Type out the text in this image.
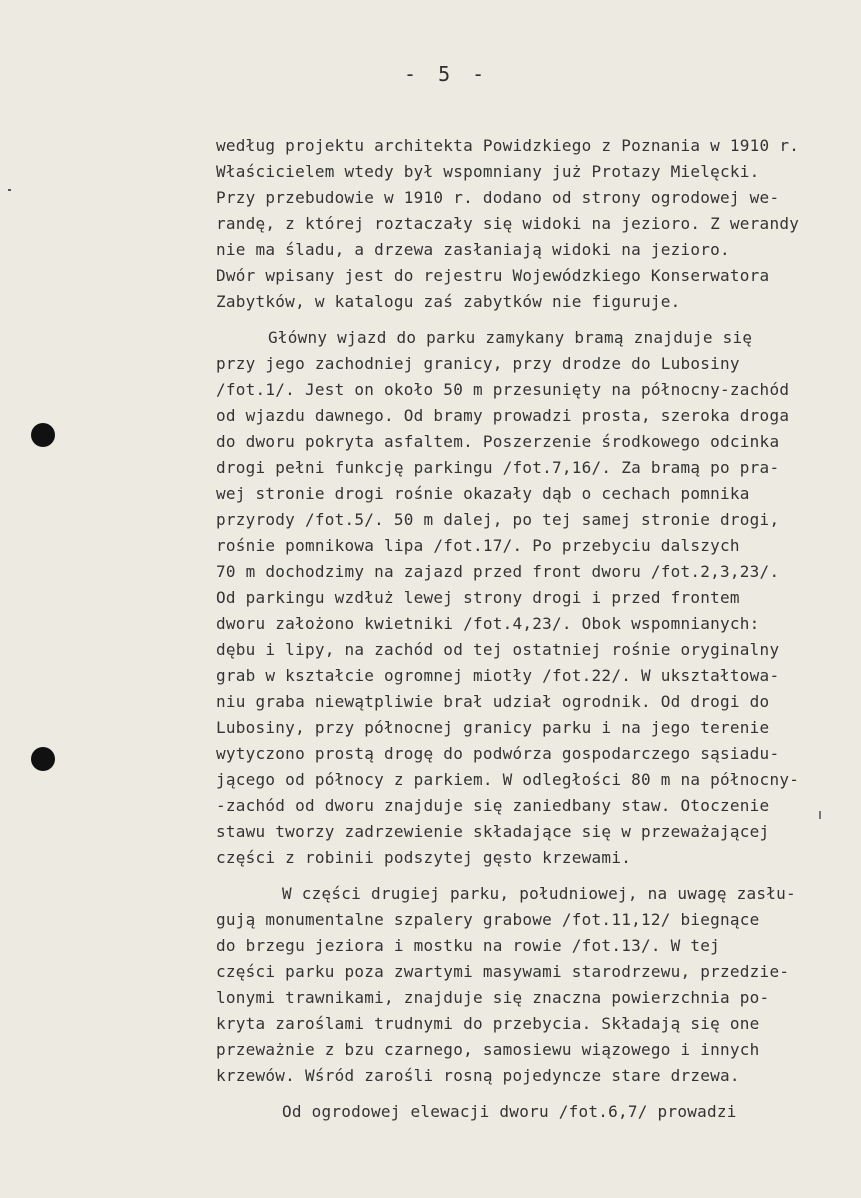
- 5 -
według projektu architekta Powidzkiego z Poznania w 1910 r.
Właścicielem wtedy był wspomniany już Protazy Mielęcki.
Przy przebudowie w 1910 r. dodano od strony ogrodowej we-
randę, z której roztaczały się widoki na jezioro. Z werandy
nie ma śladu, a drzewa zasłaniają widoki na jezioro.
Dwór wpisany jest do rejestru Wojewódzkiego Konserwatora
Zabytków, w katalogu zaś zabytków nie figuruje.
Główny wjazd do parku zamykany bramą znajduje się
przy jego zachodniej granicy, przy drodze do Lubosiny
/fot.1/. Jest on około 50 m przesunięty na północny-zachód
od wjazdu dawnego. Od bramy prowadzi prosta, szeroka droga
do dworu pokryta asfaltem. Poszerzenie środkowego odcinka
drogi pełni funkcję parkingu /fot.7,16/. Za bramą po pra-
wej stronie drogi rośnie okazały dąb o cechach pomnika
przyrody /fot.5/. 50 m dalej, po tej samej stronie drogi,
rośnie pomnikowa lipa /fot.17/. Po przebyciu dalszych
70 m dochodzimy na zajazd przed front dworu /fot.2,3,23/.
Od parkingu wzdłuż lewej strony drogi i przed frontem
dworu założono kwietniki /fot.4,23/. Obok wspomnianych:
dębu i lipy, na zachód od tej ostatniej rośnie oryginalny
grab w kształcie ogromnej miotły /fot.22/. W ukształtowa-
niu graba niewątpliwie brał udział ogrodnik. Od drogi do
Lubosiny, przy północnej granicy parku i na jego terenie
wytyczono prostą drogę do podwórza gospodarczego sąsiadu-
jącego od północy z parkiem. W odległości 80 m na północny-
-zachód od dworu znajduje się zaniedbany staw. Otoczenie
stawu tworzy zadrzewienie składające się w przeważającej
części z robinii podszytej gęsto krzewami.
W części drugiej parku, południowej, na uwagę zasłu-
gują monumentalne szpalery grabowe /fot.11,12/ biegnące
do brzegu jeziora i mostku na rowie /fot.13/. W tej
części parku poza zwartymi masywami starodrzewu, przedzie-
lonymi trawnikami, znajduje się znaczna powierzchnia po-
kryta zaroślami trudnymi do przebycia. Składają się one
przeważnie z bzu czarnego, samosiewu wiązowego i innych
krzewów. Wśród zarośli rosną pojedyncze stare drzewa.
Od ogrodowej elewacji dworu /fot.6,7/ prowadzi
